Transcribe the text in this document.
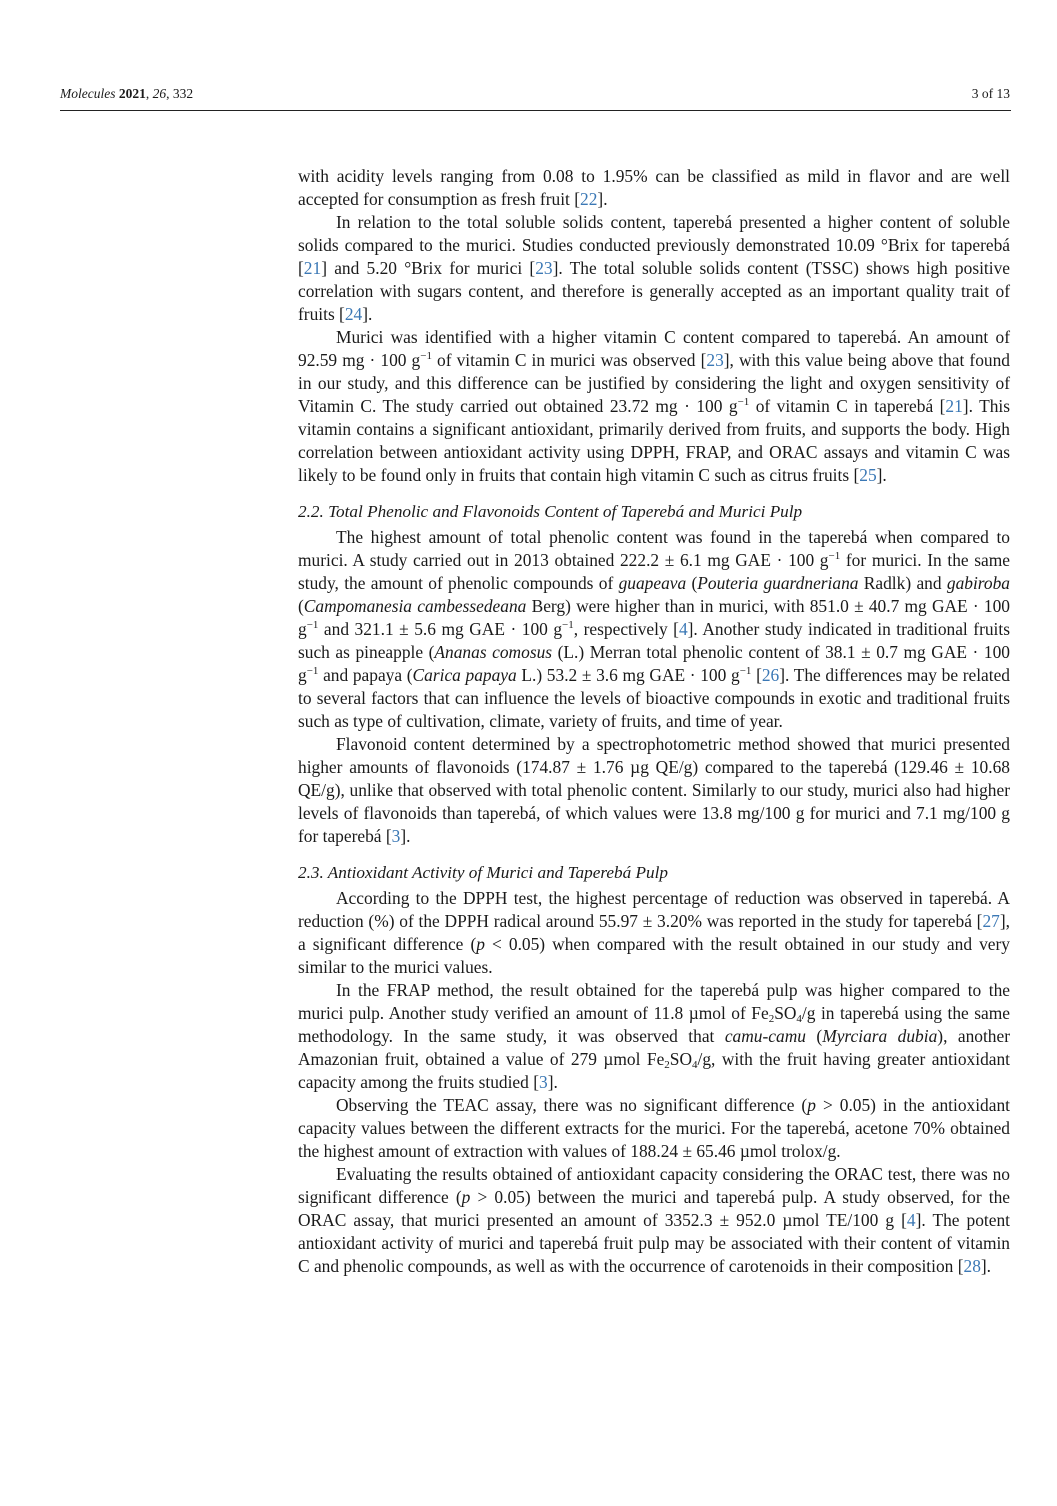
Molecules 2021, 26, 332	3 of 13

with acidity levels ranging from 0.08 to 1.95% can be classified as mild in flavor and are well accepted for consumption as fresh fruit [22].

In relation to the total soluble solids content, taperebá presented a higher content of soluble solids compared to the murici. Studies conducted previously demonstrated 10.09 °Brix for taperebá [21] and 5.20 °Brix for murici [23]. The total soluble solids content (TSSC) shows high positive correlation with sugars content, and therefore is generally accepted as an important quality trait of fruits [24].

Murici was identified with a higher vitamin C content compared to taperebá. An amount of 92.59 mg · 100 $g^{-1}$ of vitamin C in murici was observed [23], with this value being above that found in our study, and this difference can be justified by considering the light and oxygen sensitivity of Vitamin C. The study carried out obtained 23.72 mg · 100 $g^{-1}$ of vitamin C in taperebá [21]. This vitamin contains a significant antioxidant, primarily derived from fruits, and supports the body. High correlation between antioxidant activity using DPPH, FRAP, and ORAC assays and vitamin C was likely to be found only in fruits that contain high vitamin C such as citrus fruits [25].

2.2. Total Phenolic and Flavonoids Content of Taperebá and Murici Pulp

The highest amount of total phenolic content was found in the taperebá when compared to murici. A study carried out in 2013 obtained 222.2 ± 6.1 mg GAE · 100 $g^{-1}$ for murici. In the same study, the amount of phenolic compounds of guapeava (Pouteria guardneriana Radlk) and gabiroba (Campomanesia cambessedeana Berg) were higher than in murici, with 851.0 ± 40.7 mg GAE · 100 $g^{-1}$ and 321.1 ± 5.6 mg GAE · 100 $g^{-1}$, respectively [4]. Another study indicated in traditional fruits such as pineapple (Ananas comosus (L.) Merran total phenolic content of 38.1 ± 0.7 mg GAE · 100 $g^{-1}$ and papaya (Carica papaya L.) 53.2 ± 3.6 mg GAE · 100 $g^{-1}$ [26]. The differences may be related to several factors that can influence the levels of bioactive compounds in exotic and traditional fruits such as type of cultivation, climate, variety of fruits, and time of year.

Flavonoid content determined by a spectrophotometric method showed that murici presented higher amounts of flavonoids (174.87 ± 1.76 µg QE/g) compared to the taperebá (129.46 ± 10.68 QE/g), unlike that observed with total phenolic content. Similarly to our study, murici also had higher levels of flavonoids than taperebá, of which values were 13.8 mg/100 g for murici and 7.1 mg/100 g for taperebá [3].

2.3. Antioxidant Activity of Murici and Taperebá Pulp

According to the DPPH test, the highest percentage of reduction was observed in taperebá. A reduction (%) of the DPPH radical around 55.97 ± 3.20% was reported in the study for taperebá [27], a significant difference (p < 0.05) when compared with the result obtained in our study and very similar to the murici values.

In the FRAP method, the result obtained for the taperebá pulp was higher compared to the murici pulp. Another study verified an amount of 11.8 µmol of $Fe_2SO_4/g$ in taperebá using the same methodology. In the same study, it was observed that camu-camu (Myrciara dubia), another Amazonian fruit, obtained a value of 279 µmol $Fe_2SO_4/g$, with the fruit having greater antioxidant capacity among the fruits studied [3].

Observing the TEAC assay, there was no significant difference (p > 0.05) in the antioxidant capacity values between the different extracts for the murici. For the taperebá, acetone 70% obtained the highest amount of extraction with values of 188.24 ± 65.46 µmol trolox/g.

Evaluating the results obtained of antioxidant capacity considering the ORAC test, there was no significant difference (p > 0.05) between the murici and taperebá pulp. A study observed, for the ORAC assay, that murici presented an amount of 3352.3 ± 952.0 µmol TE/100 g [4]. The potent antioxidant activity of murici and taperebá fruit pulp may be associated with their content of vitamin C and phenolic compounds, as well as with the occurrence of carotenoids in their composition [28].
